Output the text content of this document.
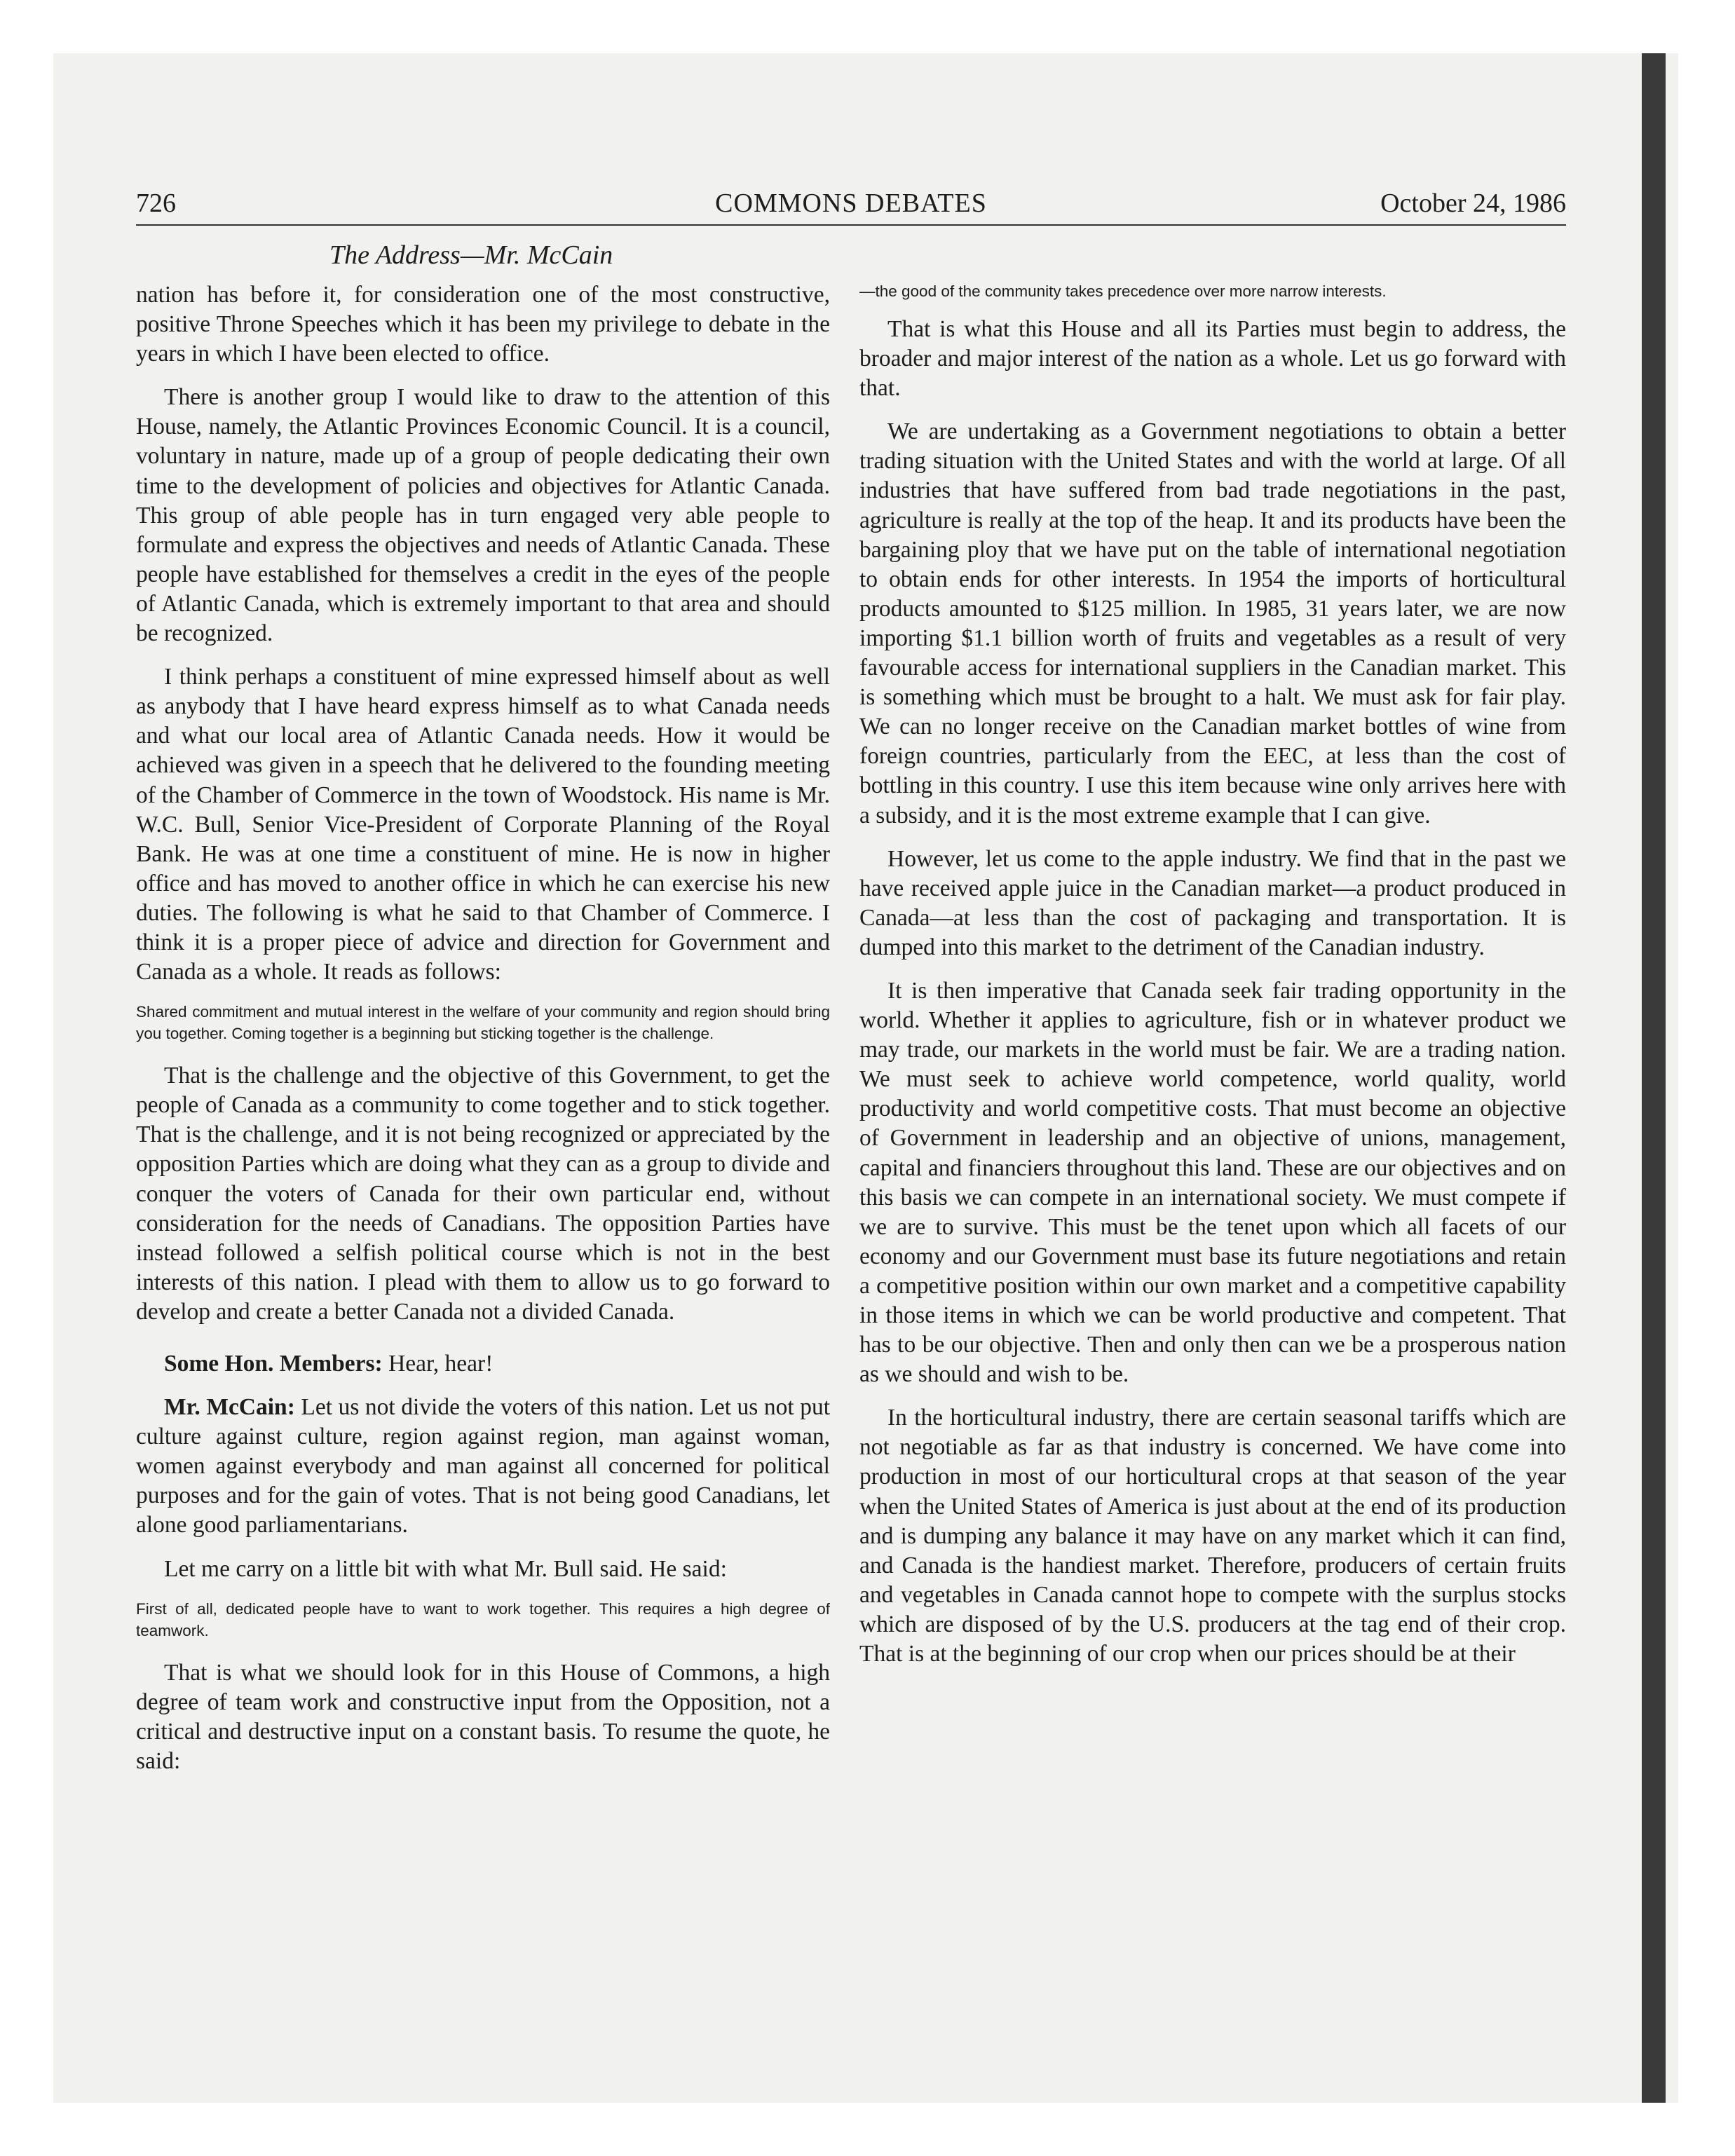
726	COMMONS DEBATES	October 24, 1986
The Address—Mr. McCain

nation has before it, for consideration one of the most constructive, positive Throne Speeches which it has been my privilege to debate in the years in which I have been elected to office.

There is another group I would like to draw to the attention of this House, namely, the Atlantic Provinces Economic Council. It is a council, voluntary in nature, made up of a group of people dedicating their own time to the development of policies and objectives for Atlantic Canada. This group of able people has in turn engaged very able people to formulate and express the objectives and needs of Atlantic Canada. These people have established for themselves a credit in the eyes of the people of Atlantic Canada, which is extremely important to that area and should be recognized.

I think perhaps a constituent of mine expressed himself about as well as anybody that I have heard express himself as to what Canada needs and what our local area of Atlantic Canada needs. How it would be achieved was given in a speech that he delivered to the founding meeting of the Chamber of Commerce in the town of Woodstock. His name is Mr. W.C. Bull, Senior Vice-President of Corporate Planning of the Royal Bank. He was at one time a constituent of mine. He is now in higher office and has moved to another office in which he can exercise his new duties. The following is what he said to that Chamber of Commerce. I think it is a proper piece of advice and direction for Government and Canada as a whole. It reads as follows:

Shared commitment and mutual interest in the welfare of your community and region should bring you together. Coming together is a beginning but sticking together is the challenge.

That is the challenge and the objective of this Government, to get the people of Canada as a community to come together and to stick together. That is the challenge, and it is not being recognized or appreciated by the opposition Parties which are doing what they can as a group to divide and conquer the voters of Canada for their own particular end, without consideration for the needs of Canadians. The opposition Parties have instead followed a selfish political course which is not in the best interests of this nation. I plead with them to allow us to go forward to develop and create a better Canada not a divided Canada.

Some Hon. Members: Hear, hear!

Mr. McCain: Let us not divide the voters of this nation. Let us not put culture against culture, region against region, man against woman, women against everybody and man against all concerned for political purposes and for the gain of votes. That is not being good Canadians, let alone good parliamentarians.

Let me carry on a little bit with what Mr. Bull said. He said:

First of all, dedicated people have to want to work together. This requires a high degree of teamwork.

That is what we should look for in this House of Commons, a high degree of team work and constructive input from the Opposition, not a critical and destructive input on a constant basis. To resume the quote, he said:

—the good of the community takes precedence over more narrow interests.

That is what this House and all its Parties must begin to address, the broader and major interest of the nation as a whole. Let us go forward with that.

We are undertaking as a Government negotiations to obtain a better trading situation with the United States and with the world at large. Of all industries that have suffered from bad trade negotiations in the past, agriculture is really at the top of the heap. It and its products have been the bargaining ploy that we have put on the table of international negotiation to obtain ends for other interests. In 1954 the imports of horticultural products amounted to $125 million. In 1985, 31 years later, we are now importing $1.1 billion worth of fruits and vegetables as a result of very favourable access for international suppliers in the Canadian market. This is something which must be brought to a halt. We must ask for fair play. We can no longer receive on the Canadian market bottles of wine from foreign countries, particularly from the EEC, at less than the cost of bottling in this country. I use this item because wine only arrives here with a subsidy, and it is the most extreme example that I can give.

However, let us come to the apple industry. We find that in the past we have received apple juice in the Canadian market—a product produced in Canada—at less than the cost of packaging and transportation. It is dumped into this market to the detriment of the Canadian industry.

It is then imperative that Canada seek fair trading opportunity in the world. Whether it applies to agriculture, fish or in whatever product we may trade, our markets in the world must be fair. We are a trading nation. We must seek to achieve world competence, world quality, world productivity and world competitive costs. That must become an objective of Government in leadership and an objective of unions, management, capital and financiers throughout this land. These are our objectives and on this basis we can compete in an international society. We must compete if we are to survive. This must be the tenet upon which all facets of our economy and our Government must base its future negotiations and retain a competitive position within our own market and a competitive capability in those items in which we can be world productive and competent. That has to be our objective. Then and only then can we be a prosperous nation as we should and wish to be.

In the horticultural industry, there are certain seasonal tariffs which are not negotiable as far as that industry is concerned. We have come into production in most of our horticultural crops at that season of the year when the United States of America is just about at the end of its production and is dumping any balance it may have on any market which it can find, and Canada is the handiest market. Therefore, producers of certain fruits and vegetables in Canada cannot hope to compete with the surplus stocks which are disposed of by the U.S. producers at the tag end of their crop. That is at the beginning of our crop when our prices should be at their
